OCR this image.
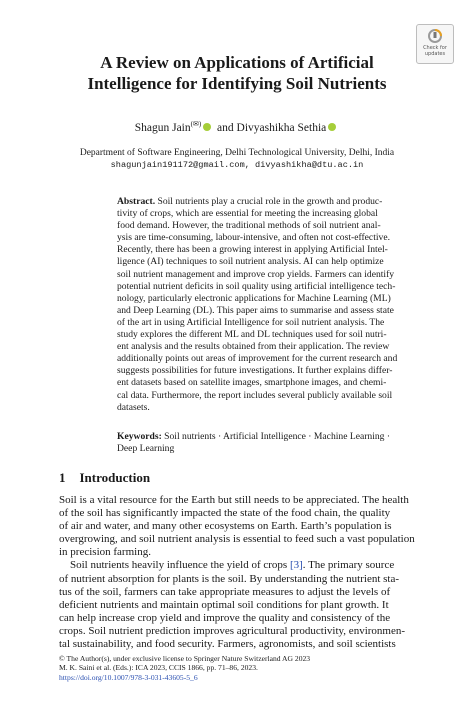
Check for
updates
A Review on Applications of Artificial
Intelligence for Identifying Soil Nutrients
Shagun Jain(✉) and Divyashikha Sethia
Department of Software Engineering, Delhi Technological University, Delhi, India
shagunjain191172@gmail.com, divyashikha@dtu.ac.in
Abstract. Soil nutrients play a crucial role in the growth and produc-
tivity of crops, which are essential for meeting the increasing global
food demand. However, the traditional methods of soil nutrient anal-
ysis are time-consuming, labour-intensive, and often not cost-effective.
Recently, there has been a growing interest in applying Artificial Intel-
ligence (AI) techniques to soil nutrient analysis. AI can help optimize
soil nutrient management and improve crop yields. Farmers can identify
potential nutrient deficits in soil quality using artificial intelligence tech-
nology, particularly electronic applications for Machine Learning (ML)
and Deep Learning (DL). This paper aims to summarise and assess state
of the art in using Artificial Intelligence for soil nutrient analysis. The
study explores the different ML and DL techniques used for soil nutri-
ent analysis and the results obtained from their application. The review
additionally points out areas of improvement for the current research and
suggests possibilities for future investigations. It further explains differ-
ent datasets based on satellite images, smartphone images, and chemi-
cal data. Furthermore, the report includes several publicly available soil
datasets.
Keywords: Soil nutrients · Artificial Intelligence · Machine Learning ·
Deep Learning
1 Introduction
Soil is a vital resource for the Earth but still needs to be appreciated. The health
of the soil has significantly impacted the state of the food chain, the quality
of air and water, and many other ecosystems on Earth. Earth’s population is
overgrowing, and soil nutrient analysis is essential to feed such a vast population
in precision farming.
Soil nutrients heavily influence the yield of crops [3]. The primary source
of nutrient absorption for plants is the soil. By understanding the nutrient sta-
tus of the soil, farmers can take appropriate measures to adjust the levels of
deficient nutrients and maintain optimal soil conditions for plant growth. It
can help increase crop yield and improve the quality and consistency of the
crops. Soil nutrient prediction improves agricultural productivity, environmen-
tal sustainability, and food security. Farmers, agronomists, and soil scientists
© The Author(s), under exclusive license to Springer Nature Switzerland AG 2023
M. K. Saini et al. (Eds.): ICA 2023, CCIS 1866, pp. 71–86, 2023.
https://doi.org/10.1007/978-3-031-43605-5_6
